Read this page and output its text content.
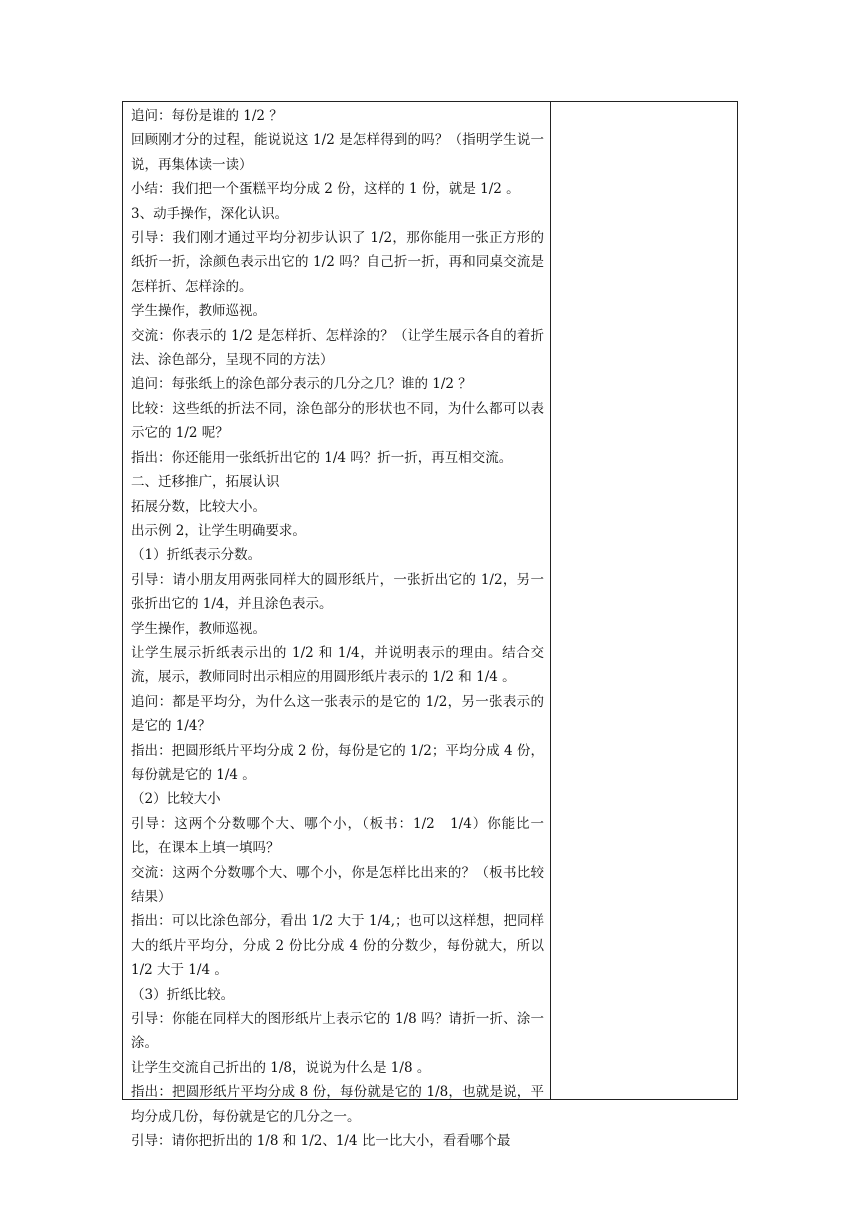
追问：每份是谁的 1/2 ？

回顾刚才分的过程，能说说这 1/2 是怎样得到的吗？（指明学生说一说，再集体读一读）

小结：我们把一个蛋糕平均分成 2 份，这样的 1 份，就是 1/2 。

3、动手操作，深化认识。

引导：我们刚才通过平均分初步认识了 1/2，那你能用一张正方形的纸折一折，涂颜色表示出它的 1/2 吗？自己折一折，再和同桌交流是怎样折、怎样涂的。

学生操作，教师巡视。

交流：你表示的 1/2 是怎样折、怎样涂的？（让学生展示各自的着折法、涂色部分，呈现不同的方法）

追问：每张纸上的涂色部分表示的几分之几？谁的 1/2 ？

比较：这些纸的折法不同，涂色部分的形状也不同，为什么都可以表示它的 1/2 呢？

指出：你还能用一张纸折出它的 1/4 吗？折一折，再互相交流。

二、迁移推广，拓展认识

拓展分数，比较大小。

出示例 2，让学生明确要求。

（1）折纸表示分数。

引导：请小朋友用两张同样大的圆形纸片，一张折出它的 1/2，另一张折出它的 1/4，并且涂色表示。

学生操作，教师巡视。

让学生展示折纸表示出的 1/2 和 1/4，并说明表示的理由。结合交流，展示，教师同时出示相应的用圆形纸片表示的 1/2 和 1/4 。

追问：都是平均分，为什么这一张表示的是它的 1/2，另一张表示的是它的 1/4？

指出：把圆形纸片平均分成 2 份，每份是它的 1/2；平均分成 4 份，每份就是它的 1/4 。

（2）比较大小

引导：这两个分数哪个大、哪个小，（板书：1/2　1/4）你能比一比，在课本上填一填吗？

交流：这两个分数哪个大、哪个小，你是怎样比出来的？（板书比较结果）

指出：可以比涂色部分，看出 1/2 大于 1/4,；也可以这样想，把同样大的纸片平均分，分成 2 份比分成 4 份的分数少，每份就大，所以 1/2 大于 1/4 。

（3）折纸比较。

引导：你能在同样大的图形纸片上表示它的 1/8 吗？请折一折、涂一涂。

让学生交流自己折出的 1/8，说说为什么是 1/8 。

指出：把圆形纸片平均分成 8 份，每份就是它的 1/8，也就是说，平均分成几份，每份就是它的几分之一。

引导：请你把折出的 1/8 和 1/2、1/4 比一比大小，看看哪个最
